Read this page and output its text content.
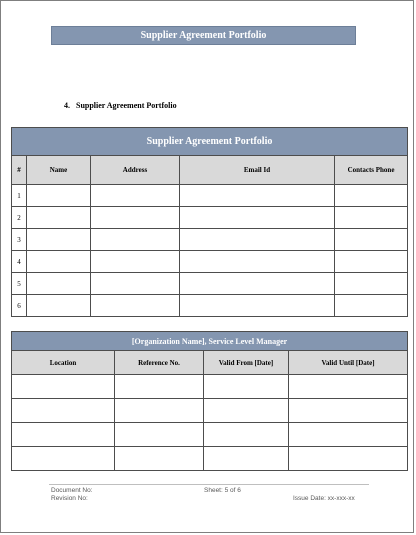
Supplier Agreement Portfolio
4. Supplier Agreement Portfolio
Supplier Agreement Portfolio				
#	Name	Address	Email Id	Contacts Phone
1				
2				
3				
4				
5				
6				
[Organization Name], Service Level Manager			
Location	Reference No.	Valid From [Date]	Valid Until [Date]

Document No:
Revision No:
Sheet: 5 of 6
Issue Date: xx-xxx-xx
